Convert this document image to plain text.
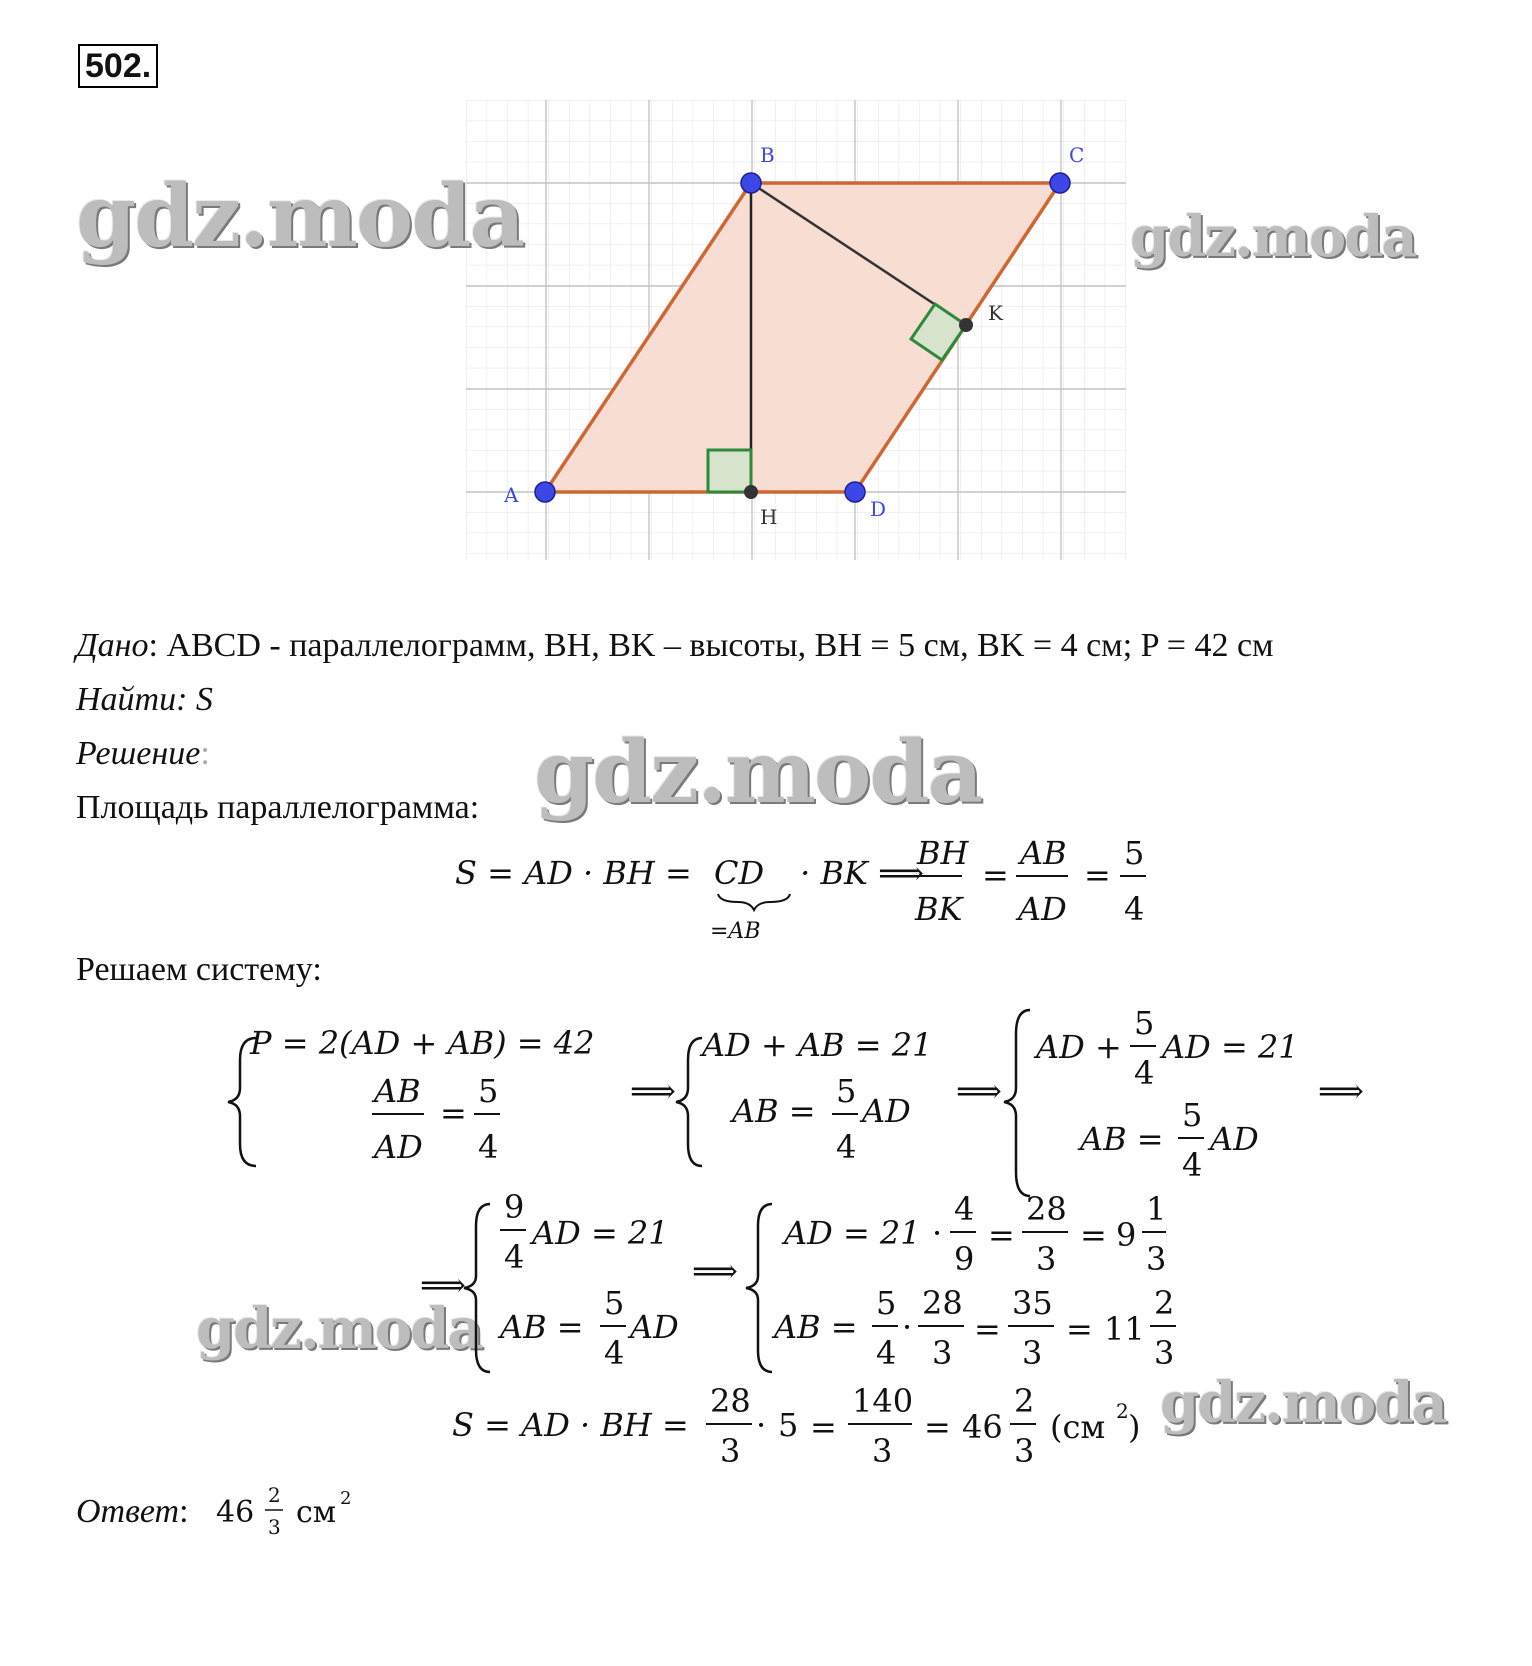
502.
A
B	C
D
H
K
gdz.moda	gdz.moda
gdz.moda
gdz.moda
gdz.moda
Дано: ABCD - параллелограмм, BH, BK – высоты, BH = 5 см, BK = 4 см; P = 42 см
Найти: S
Решение:
Площадь параллелограмма:
Решаем систему:
S = AD · BH = CD
=AB
· BK ⟹
BH
BK
=
AB
AD
=
5
4
P = 2(AD + AB) = 42
AB
AD
=
5
4
⟹
AD + AB = 21
AB =
5
4
AD
⟹
AD +
5
4
AD = 21
AB =
5
4
AD
⟹
⟹
9
4
AD = 21
AB =
5
4
AD
⟹
AD = 21 ·
4
9
=
28
3
= 9
1
3
AB =
5
4
·
28
3
=
35
3
= 11
2
3
S = AD · BH =
28
3
· 5 =
140
3
= 46
2
3
(см 2 )
Ответ: 46 2
3 см 2
